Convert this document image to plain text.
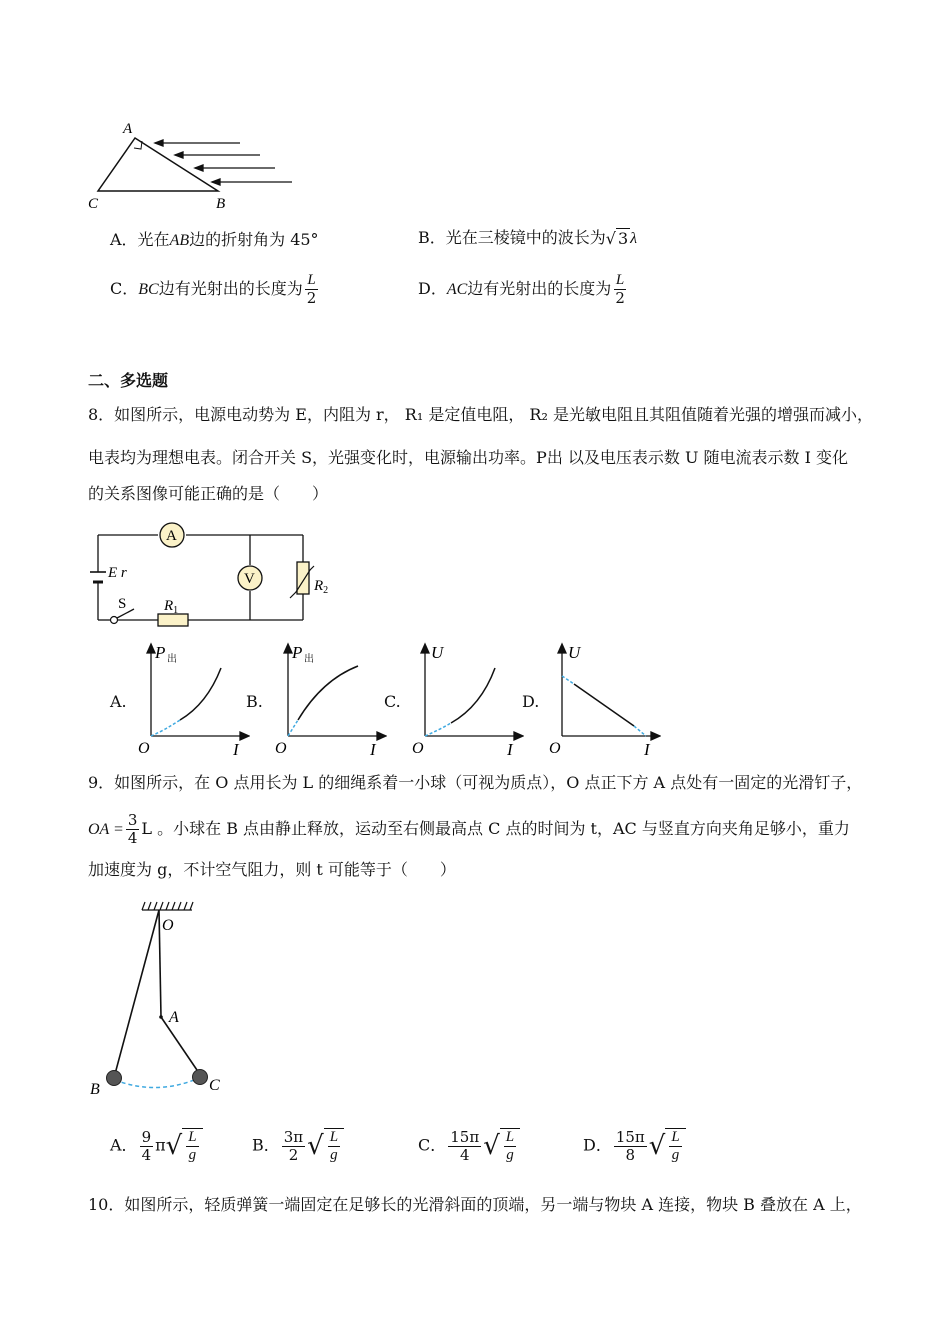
A
C	B
A．光在AB边的折射角为 45°	B．光在三棱镜中的波长为√ 3 λ
C．BC边有光射出的长度为 $\frac{L}{2}$	D．AC边有光射出的长度为 $\frac{L}{2}$
二、多选题
8．如图所示，电源电动势为 E，内阻为 r， R₁ 是定值电阻， R₂ 是光敏电阻且其阻值随着光强的增强而减小，
电表均为理想电表。闭合开关 S，光强变化时，电源输出功率。P出 以及电压表示数 U 随电流表示数 I 变化
的关系图像可能正确的是（　　）
A
V
E r
S	$R_1$
$R_2$
A.
P 出
O	I
B.
P 出
O	I
C.
U
O	I
D.
U
O	I
9．如图所示，在 O 点用长为 L 的细绳系着一小球（可视为质点），O 点正下方 A 点处有一固定的光滑钉子，
OA = $\frac{3}{4}$ L 。小球在 B 点由静止释放，运动至右侧最高点 C 点的时间为 t，AC 与竖直方向夹角足够小，重力
加速度为 g，不计空气阻力，则 t 可能等于（　　）
O
A
B	C
A． $\frac{9}{4}$ π √ $\frac{L}{g}$	B． $\frac{3\pi}{2}$ √ $\frac{L}{g}$	C． $\frac{15\pi}{4}$ √ $\frac{L}{g}$	D． $\frac{15\pi}{8}$ √ $\frac{L}{g}$
10．如图所示，轻质弹簧一端固定在足够长的光滑斜面的顶端，另一端与物块 A 连接，物块 B 叠放在 A 上，
